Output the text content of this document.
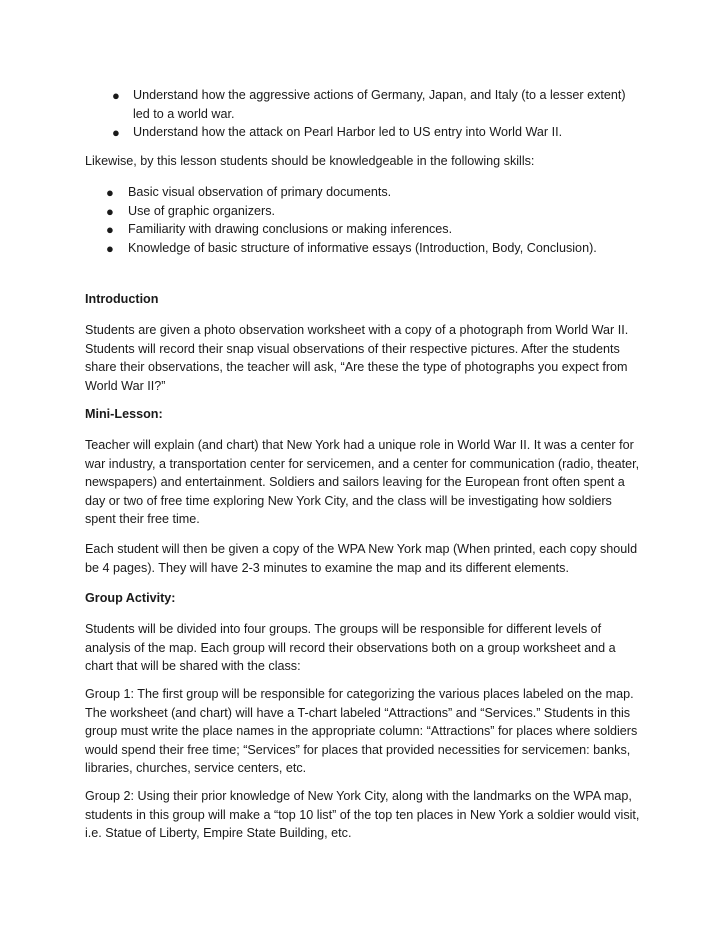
● Understand how the aggressive actions of Germany, Japan, and Italy (to a lesser extent) led to a world war.
● Understand how the attack on Pearl Harbor led to US entry into World War II.

Likewise, by this lesson students should be knowledgeable in the following skills:

● Basic visual observation of primary documents.
● Use of graphic organizers.
● Familiarity with drawing conclusions or making inferences.
● Knowledge of basic structure of informative essays (Introduction, Body, Conclusion).

Introduction

Students are given a photo observation worksheet with a copy of a photograph from World War II. Students will record their snap visual observations of their respective pictures. After the students share their observations, the teacher will ask, “Are these the type of photographs you expect from World War II?”

Mini-Lesson:

Teacher will explain (and chart) that New York had a unique role in World War II. It was a center for war industry, a transportation center for servicemen, and a center for communication (radio, theater, newspapers) and entertainment. Soldiers and sailors leaving for the European front often spent a day or two of free time exploring New York City, and the class will be investigating how soldiers spent their free time.

Each student will then be given a copy of the WPA New York map (When printed, each copy should be 4 pages). They will have 2-3 minutes to examine the map and its different elements.

Group Activity:

Students will be divided into four groups. The groups will be responsible for different levels of analysis of the map. Each group will record their observations both on a group worksheet and a chart that will be shared with the class:

Group 1: The first group will be responsible for categorizing the various places labeled on the map. The worksheet (and chart) will have a T-chart labeled “Attractions” and “Services.” Students in this group must write the place names in the appropriate column: “Attractions” for places where soldiers would spend their free time; “Services” for places that provided necessities for servicemen: banks, libraries, churches, service centers, etc.

Group 2: Using their prior knowledge of New York City, along with the landmarks on the WPA map, students in this group will make a “top 10 list” of the top ten places in New York a soldier would visit, i.e. Statue of Liberty, Empire State Building, etc.
